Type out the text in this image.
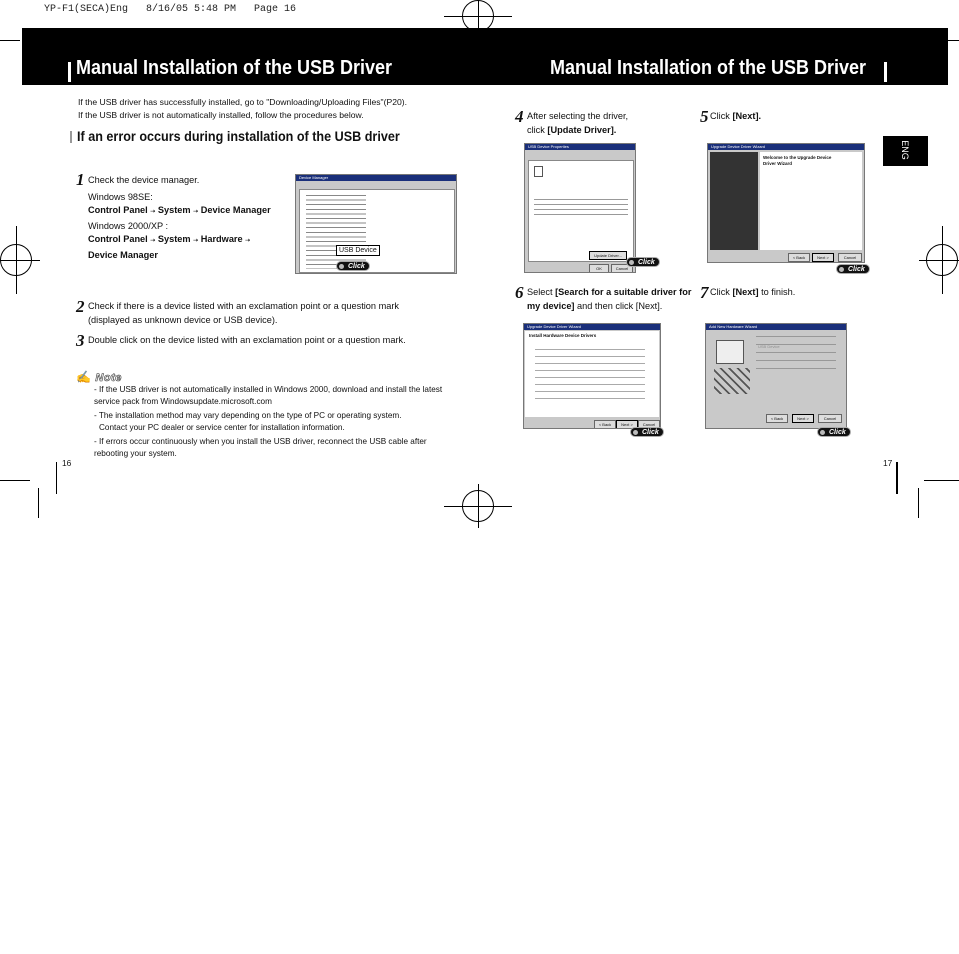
YP-F1(SECA)Eng   8/16/05 5:48 PM   Page 16
Manual Installation of the USB Driver	Manual Installation of the USB Driver
If the USB driver has successfully installed, go to "Downloading/Uploading Files"(P20).
If the USB driver is not automatically installed, follow the procedures below.
If an error occurs during installation of the USB driver
1 Check the device manager.
Windows 98SE:
Control Panel ➝ System ➝ Device Manager
Windows 2000/XP :
Control Panel ➝ System ➝ Hardware ➝
Device Manager
Device Manager
USB Device
Click
2 Check if there is a device listed with an exclamation point or a question mark (displayed as unknown device or USB device).
3 Double click on the device listed with an exclamation point or a question mark.
✍ Note

- If the USB driver is not automatically installed in Windows 2000, download and install the latest service pack from Windowsupdate.microsoft.com

- The installation method may vary depending on the type of PC or operating system.

Contact your PC dealer or service center for installation information.

- If errors occur continuously when you install the USB driver, reconnect the USB cable after rebooting your system.

16
ENG
4 After selecting the driver,
click [Update Driver].
USB Device Properties
Update Driver...
OK	Cancel
Click
5 Click [Next].
Upgrade Device Driver Wizard
Welcome to the Upgrade Device Driver Wizard
< Back	Next >	Cancel
Click
6 Select [Search for a suitable driver for my device] and then click [Next].
Upgrade Device Driver Wizard
Install Hardware Device Drivers
< Back	Next >	Cancel
Click
7 Click [Next] to finish.
Add New Hardware Wizard
< Back	Next >	Cancel
Click
17
